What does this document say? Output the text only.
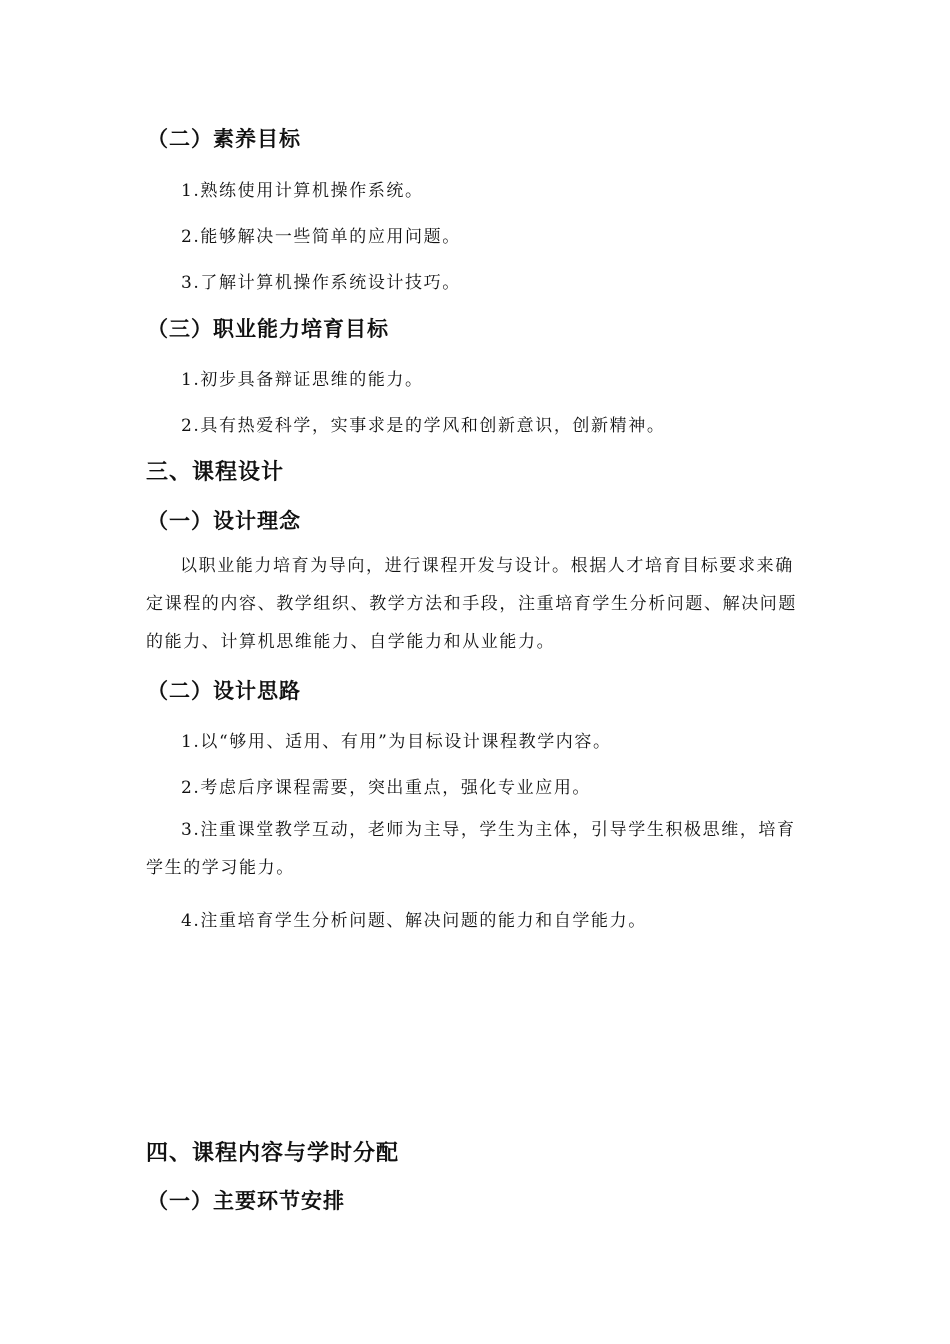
（二）素养目标

1.熟练使用计算机操作系统。

2.能够解决一些简单的应用问题。

3.了解计算机操作系统设计技巧。

（三）职业能力培育目标

1.初步具备辩证思维的能力。

2.具有热爱科学，实事求是的学风和创新意识，创新精神。

三、课程设计
（一）设计理念

以职业能力培育为导向，进行课程开发与设计。根据人才培育目标要求来确定课程的内容、教学组织、教学方法和手段，注重培育学生分析问题、解决问题的能力、计算机思维能力、自学能力和从业能力。

（二）设计思路

1.以“够用、适用、有用”为目标设计课程教学内容。

2.考虑后序课程需要，突出重点，强化专业应用。

3.注重课堂教学互动，老师为主导，学生为主体，引导学生积极思维，培育学生的学习能力。

4.注重培育学生分析问题、解决问题的能力和自学能力。

四、课程内容与学时分配
（一）主要环节安排
